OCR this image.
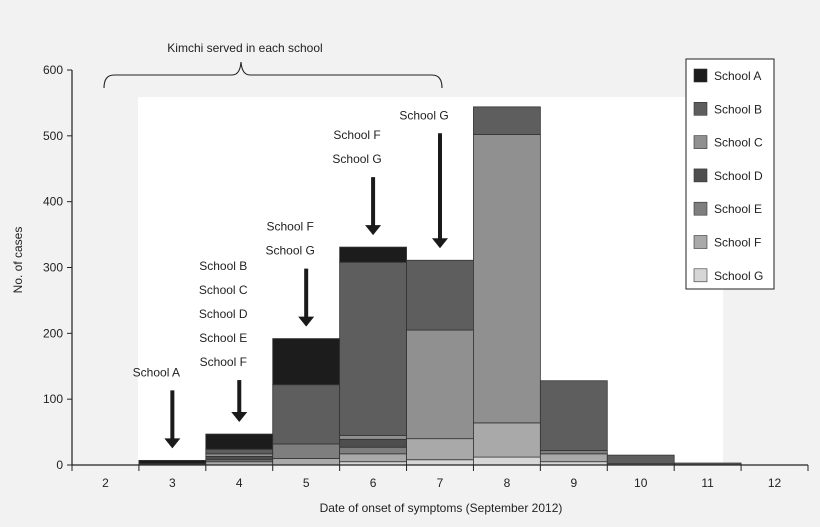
0
100
200
300
400
500
600
2	3	4	5	6	7	8	9	10	11	12
No. of cases
Date of onset of symptoms (September 2012)
Kimchi served in each school
School A
School B
School C
School D
School E
School F
School F
School G
School F
School G
School G
School A
School B
School C
School D
School E
School F
School G
